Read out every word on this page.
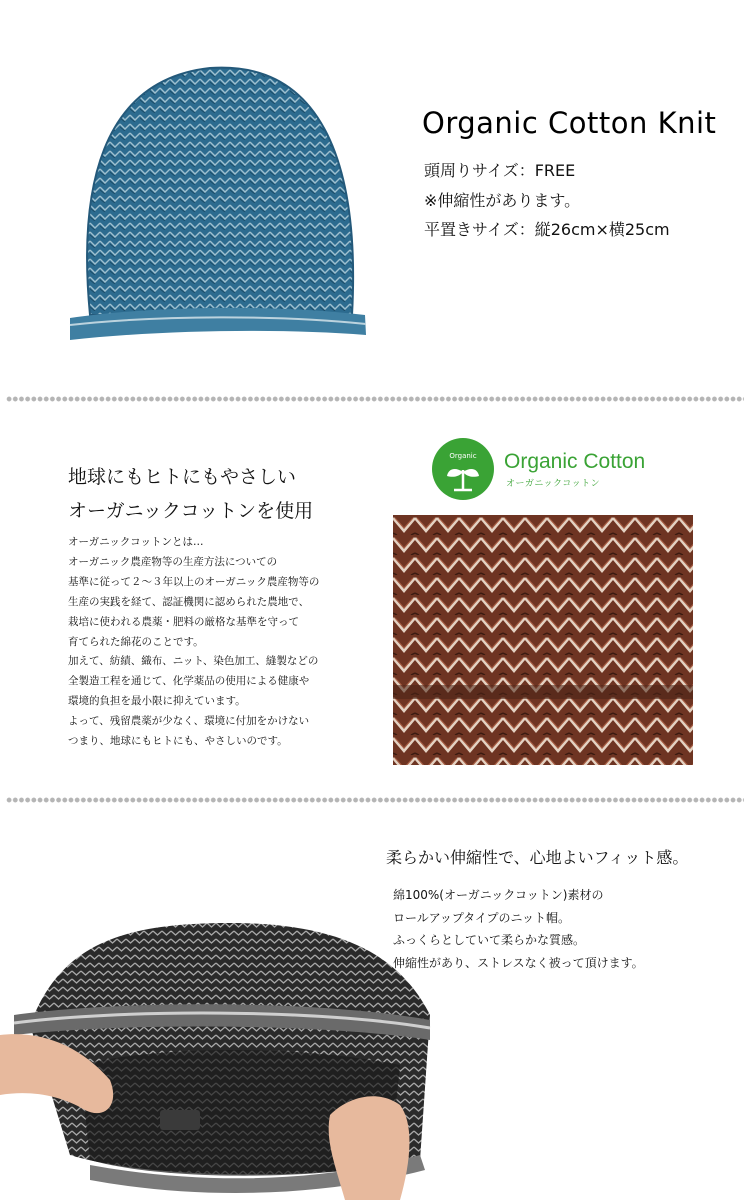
Organic Cotton Knit
頭周りサイズ：FREE
※伸縮性があります。
平置きサイズ：縦26cm×横25cm
地球にもヒトにもやさしい
オーガニックコットンを使用
オーガニックコットンとは…
オーガニック農産物等の生産方法についての
基準に従って２～３年以上のオーガニック農産物等の
生産の実践を経て、認証機関に認められた農地で、
栽培に使われる農薬・肥料の厳格な基準を守って
育てられた綿花のことです。
加えて、紡績、織布、ニット、染色加工、縫製などの
全製造工程を通じて、化学薬品の使用による健康や
環境的負担を最小限に抑えています。
よって、残留農薬が少なく、環境に付加をかけない
つまり、地球にもヒトにも、やさしいのです。
Organic Organic Cotton
オーガニックコットン
柔らかい伸縮性で、心地よいフィット感。
綿100%(オーガニックコットン)素材の
ロールアップタイプのニット帽。
ふっくらとしていて柔らかな質感。
伸縮性があり、ストレスなく被って頂けます。
